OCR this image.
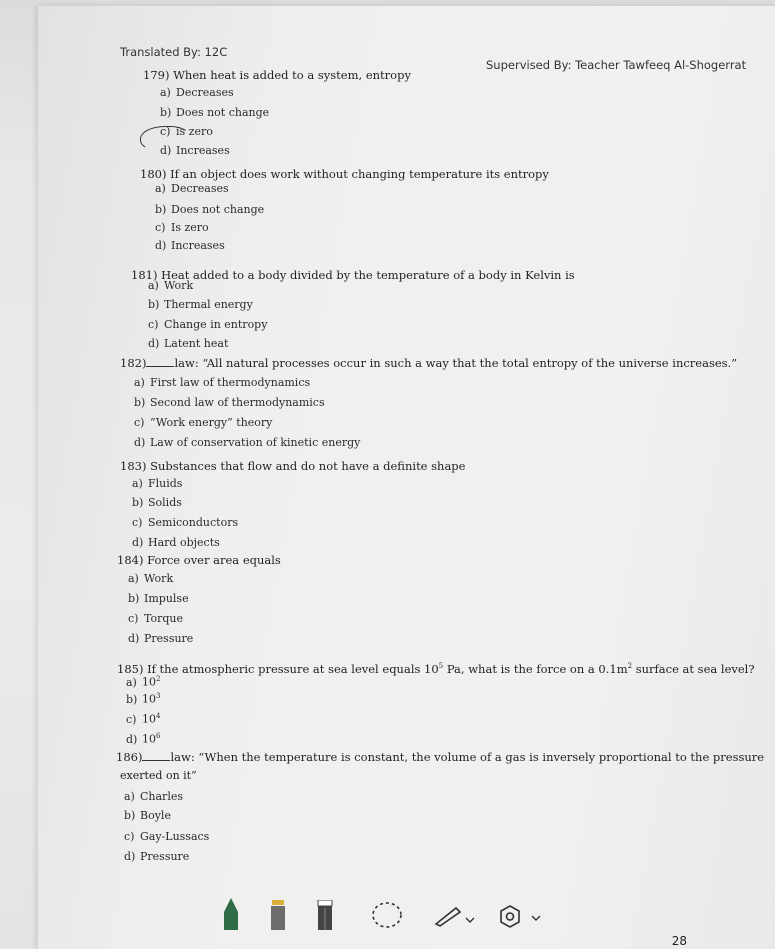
Translated By: 12C
Supervised By: Teacher Tawfeeq Al-Shogerrat
179) When heat is added to a system, entropy
a) Decreases
b) Does not change
c) is zero
d) Increases
180) If an object does work without changing temperature its entropy
a) Decreases
b) Does not change
c) Is zero
d) Increases
181) Heat added to a body divided by the temperature of a body in Kelvin is
a) Work
b) Thermal energy
c) Change in entropy
d) Latent heat
182) law: “All natural processes occur in such a way that the total entropy of the universe increases.”
a) First law of thermodynamics
b) Second law of thermodynamics
c) “Work energy” theory
d) Law of conservation of kinetic energy
183) Substances that flow and do not have a definite shape
a) Fluids
b) Solids
c) Semiconductors
d) Hard objects
184) Force over area equals
a) Work
b) Impulse
c) Torque
d) Pressure
185) If the atmospheric pressure at sea level equals $10^5$ Pa, what is the force on a $0.1m^2$ surface at sea level?
a) $10^2$
b) $10^3$
c) $10^4$
d) $10^6$
186) law: “When the temperature is constant, the volume of a gas is inversely proportional to the pressure
exerted on it”
a) Charles
b) Boyle
c) Gay-Lussacs
d) Pressure
28
